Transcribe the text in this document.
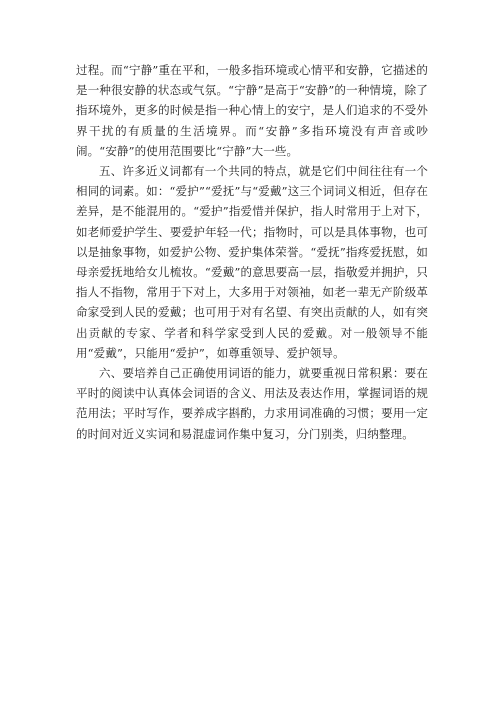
过程。而“宁静”重在平和，一般多指环境或心情平和安静，它描述的是一种很安静的状态或气氛。“宁静”是高于“安静”的一种情境，除了指环境外，更多的时候是指一种心情上的安宁，是人们追求的不受外界干扰的有质量的生活境界。而“安静”多指环境没有声音或吵闹。“安静”的使用范围要比“宁静”大一些。

五、许多近义词都有一个共同的特点，就是它们中间往往有一个相同的词素。如：“爱护”“爱抚”与“爱戴”这三个词词义相近，但存在差异，是不能混用的。“爱护”指爱惜并保护，指人时常用于上对下，如老师爱护学生、要爱护年轻一代；指物时，可以是具体事物，也可以是抽象事物，如爱护公物、爱护集体荣誉。“爱抚”指疼爱抚慰，如母亲爱抚地给女儿梳妆。“爱戴”的意思要高一层，指敬爱并拥护，只指人不指物，常用于下对上，大多用于对领袖，如老一辈无产阶级革命家受到人民的爱戴；也可用于对有名望、有突出贡献的人，如有突出贡献的专家、学者和科学家受到人民的爱戴。对一般领导不能用“爱戴”，只能用“爱护”，如尊重领导、爱护领导。

六、要培养自己正确使用词语的能力，就要重视日常积累：要在平时的阅读中认真体会词语的含义、用法及表达作用，掌握词语的规范用法；平时写作，要养成字斟酌，力求用词准确的习惯；要用一定的时间对近义实词和易混虚词作集中复习，分门别类，归纳整理。
